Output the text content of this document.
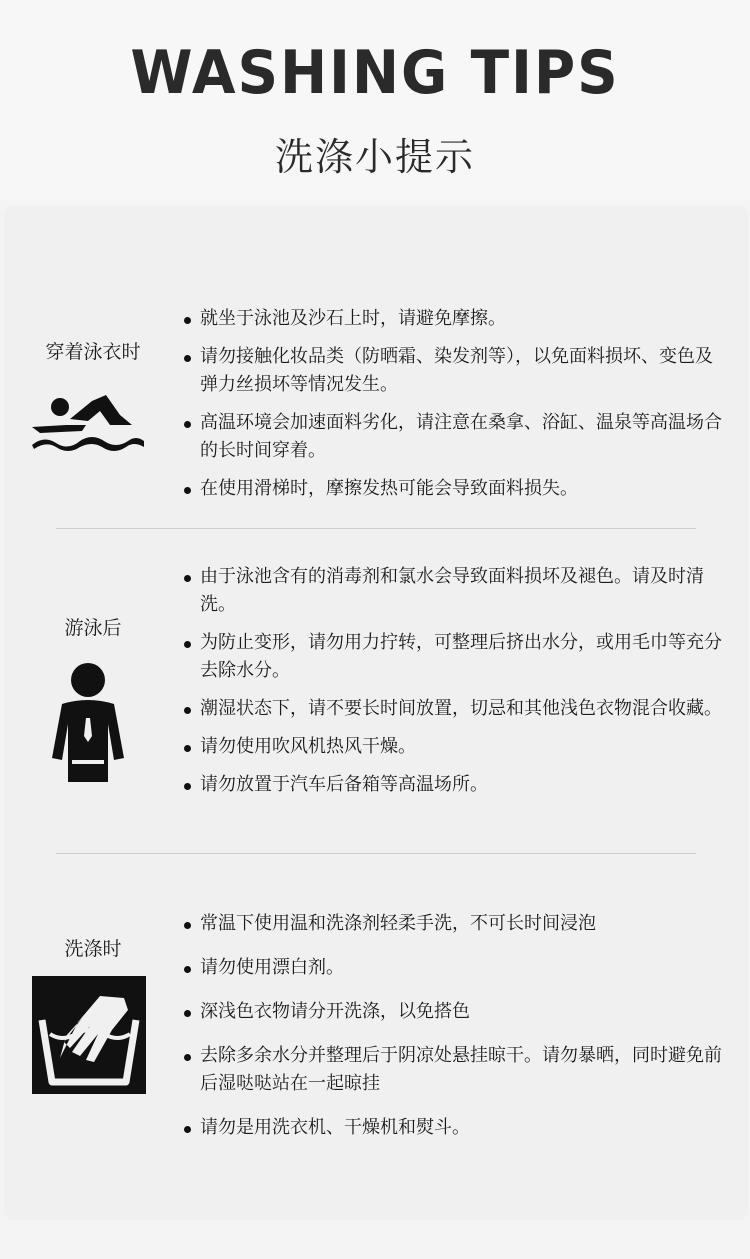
WASHING TIPS
洗涤小提示
穿着泳衣时
就坐于泳池及沙石上时，请避免摩擦。
请勿接触化妆品类（防晒霜、染发剂等），以免面料损坏、变色及弹力丝损坏等情况发生。
高温环境会加速面料劣化，请注意在桑拿、浴缸、温泉等高温场合的长时间穿着。
在使用滑梯时，摩擦发热可能会导致面料损失。
游泳后
由于泳池含有的消毒剂和氯水会导致面料损坏及褪色。请及时清洗。
为防止变形，请勿用力拧转，可整理后挤出水分，或用毛巾等充分去除水分。
潮湿状态下，请不要长时间放置，切忌和其他浅色衣物混合收藏。
请勿使用吹风机热风干燥。
请勿放置于汽车后备箱等高温场所。
洗涤时
常温下使用温和洗涤剂轻柔手洗，不可长时间浸泡
请勿使用漂白剂。
深浅色衣物请分开洗涤，以免搭色
去除多余水分并整理后于阴凉处悬挂晾干。请勿暴晒，同时避免前后湿哒哒站在一起晾挂
请勿是用洗衣机、干燥机和熨斗。
